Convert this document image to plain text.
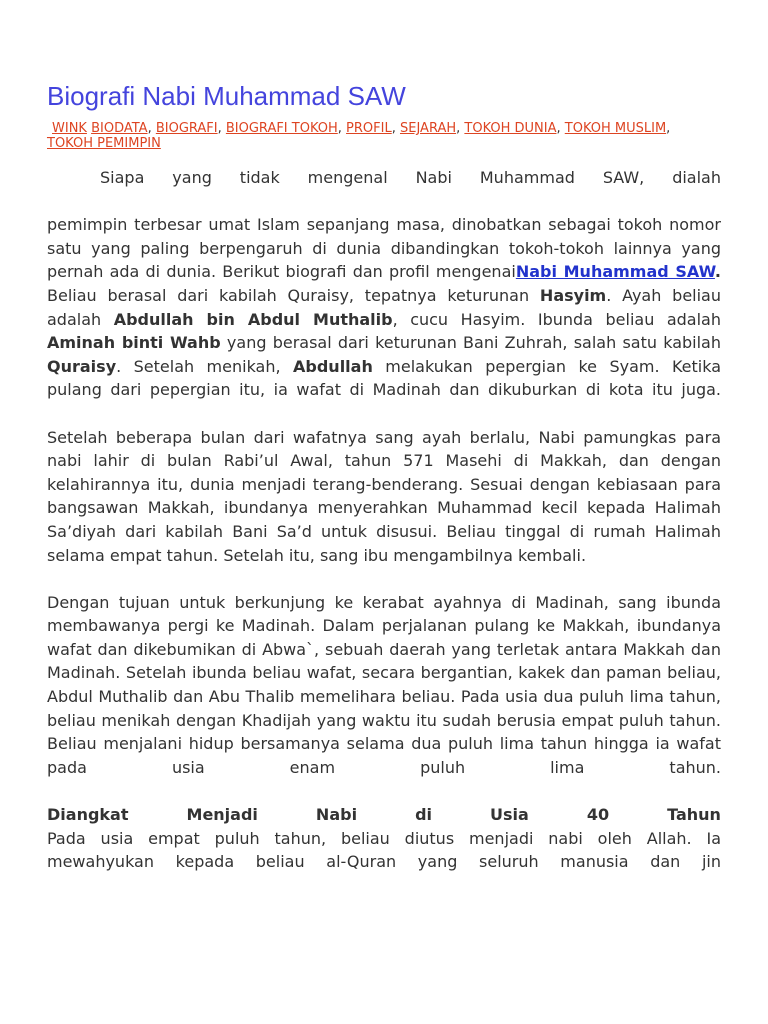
Biografi Nabi Muhammad SAW
WINK BIODATA, BIOGRAFI, BIOGRAFI TOKOH, PROFIL, SEJARAH, TOKOH DUNIA, TOKOH MUSLIM, TOKOH PEMIMPIN

Siapa yang tidak mengenal Nabi Muhammad SAW, dialah

pemimpin terbesar umat Islam sepanjang masa, dinobatkan sebagai tokoh nomor satu yang paling berpengaruh di dunia dibandingkan tokoh-tokoh lainnya yang pernah ada di dunia. Berikut biografi dan profil mengenaiNabi Muhammad SAW. Beliau berasal dari kabilah Quraisy, tepatnya keturunan Hasyim. Ayah beliau adalah Abdullah bin Abdul Muthalib, cucu Hasyim. Ibunda beliau adalah Aminah binti Wahb yang berasal dari keturunan Bani Zuhrah, salah satu kabilah Quraisy. Setelah menikah, Abdullah melakukan pepergian ke Syam. Ketika pulang dari pepergian itu, ia wafat di Madinah dan dikuburkan di kota itu juga.

Setelah beberapa bulan dari wafatnya sang ayah berlalu, Nabi pamungkas para nabi lahir di bulan Rabi’ul Awal, tahun 571 Masehi di Makkah, dan dengan kelahirannya itu, dunia menjadi terang-benderang. Sesuai dengan kebiasaan para bangsawan Makkah, ibundanya menyerahkan Muhammad kecil kepada Halimah Sa’diyah dari kabilah Bani Sa’d untuk disusui. Beliau tinggal di rumah Halimah selama empat tahun. Setelah itu, sang ibu mengambilnya kembali.

Dengan tujuan untuk berkunjung ke kerabat ayahnya di Madinah, sang ibunda membawanya pergi ke Madinah. Dalam perjalanan pulang ke Makkah, ibundanya wafat dan dikebumikan di Abwa`, sebuah daerah yang terletak antara Makkah dan Madinah. Setelah ibunda beliau wafat, secara bergantian, kakek dan paman beliau, Abdul Muthalib dan Abu Thalib memelihara beliau. Pada usia dua puluh lima tahun, beliau menikah dengan Khadijah yang waktu itu sudah berusia empat puluh tahun. Beliau menjalani hidup bersamanya selama dua puluh lima tahun hingga ia wafat pada usia enam puluh lima tahun.

Diangkat	Menjadi	Nabi	di	Usia	40	Tahun

Pada usia empat puluh tahun, beliau diutus menjadi nabi oleh Allah. Ia mewahyukan kepada beliau al-Quran yang seluruh manusia dan jin
